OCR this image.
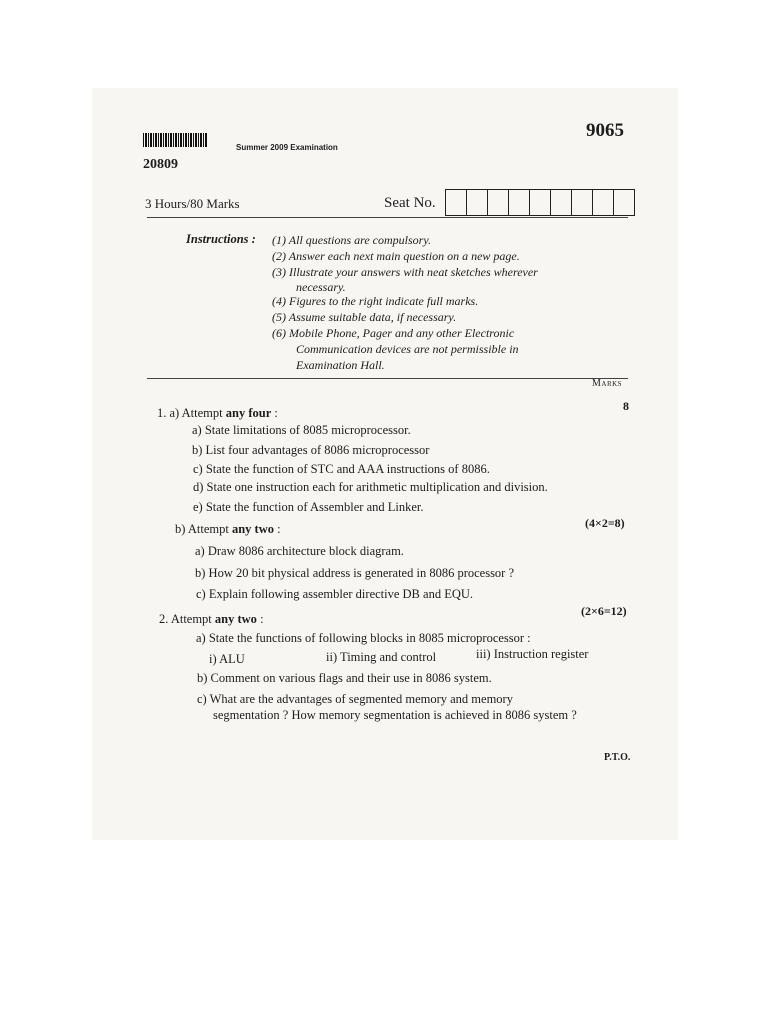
Summer 2009 Examination
9065
20809
3 Hours/80 Marks	Seat No.
Instructions : (1) All questions are compulsory.
(2) Answer each next main question on a new page.
(3) Illustrate your answers with neat sketches wherever
necessary.
(4) Figures to the right indicate full marks.
(5) Assume suitable data, if necessary.
(6) Mobile Phone, Pager and any other Electronic
Communication devices are not permissible in
Examination Hall.
Marks
1. a) Attempt any four :	8
a) State limitations of 8085 microprocessor.
b) List four advantages of 8086 microprocessor
c) State the function of STC and AAA instructions of 8086.
d) State one instruction each for arithmetic multiplication and division.
e) State the function of Assembler and Linker.
b) Attempt any two :	(4×2=8)
a) Draw 8086 architecture block diagram.
b) How 20 bit physical address is generated in 8086 processor ?
c) Explain following assembler directive DB and EQU.
2. Attempt any two :
(2×6=12)
a) State the functions of following blocks in 8085 microprocessor :
i) ALU	ii) Timing and control	iii) Instruction register
b) Comment on various flags and their use in 8086 system.
c) What are the advantages of segmented memory and memory
segmentation ? How memory segmentation is achieved in 8086 system ?
P.T.O.
